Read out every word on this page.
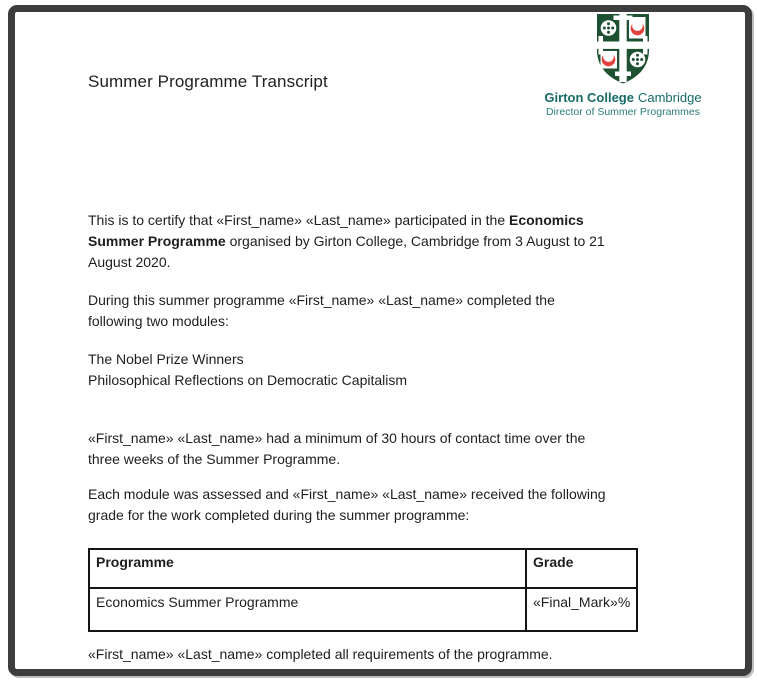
Summer Programme Transcript
Girton College Cambridge
Director of Summer Programmes
This is to certify that «First_name» «Last_name» participated in the Economics
Summer Programme organised by Girton College, Cambridge from 3 August to 21
August 2020.
During this summer programme «First_name» «Last_name» completed the
following two modules:
The Nobel Prize Winners
Philosophical Reflections on Democratic Capitalism
«First_name» «Last_name» had a minimum of 30 hours of contact time over the
three weeks of the Summer Programme.
Each module was assessed and «First_name» «Last_name» received the following
grade for the work completed during the summer programme:
Programme	Grade
Economics Summer Programme	«Final_Mark»%
«First_name» «Last_name» completed all requirements of the programme.
